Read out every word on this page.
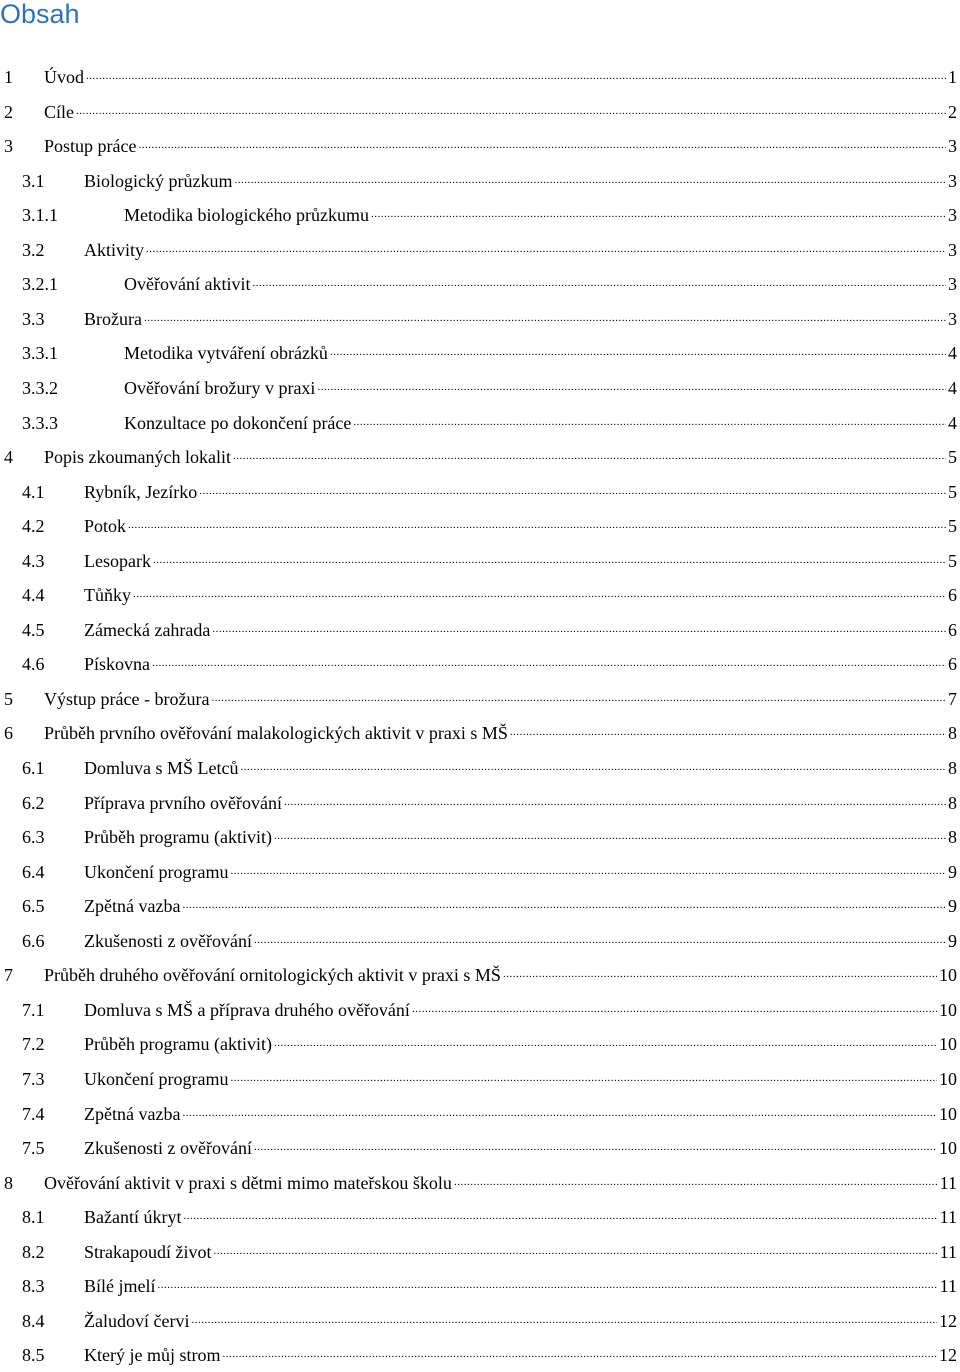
Obsah
1	Úvod .....	1
2	Cíle .....	2
3	Postup práce .....	3
3.1	Biologický průzkum .....	3
3.1.1	Metodika biologického průzkumu .....	3
3.2	Aktivity .....	3
3.2.1	Ověřování aktivit .....	3
3.3	Brožura .....	3
3.3.1	Metodika vytváření obrázků .....	4
3.3.2	Ověřování brožury v praxi .....	4
3.3.3	Konzultace po dokončení práce .....	4
4	Popis zkoumaných lokalit .....	5
4.1	Rybník, Jezírko .....	5
4.2	Potok .....	5
4.3	Lesopark .....	5
4.4	Tůňky .....	6
4.5	Zámecká zahrada .....	6
4.6	Pískovna .....	6
5	Výstup práce - brožura .....	7
6	Průběh prvního ověřování malakologických aktivit v praxi s MŠ .....	8
6.1	Domluva s MŠ Letců .....	8
6.2	Příprava prvního ověřování .....	8
6.3	Průběh programu (aktivit) .....	8
6.4	Ukončení programu .....	9
6.5	Zpětná vazba .....	9
6.6	Zkušenosti z ověřování .....	9
7	Průběh druhého ověřování ornitologických aktivit v praxi s MŠ .....	10
7.1	Domluva s MŠ a příprava druhého ověřování .....	10
7.2	Průběh programu (aktivit) .....	10
7.3	Ukončení programu .....	10
7.4	Zpětná vazba .....	10
7.5	Zkušenosti z ověřování .....	10
8	Ověřování aktivit v praxi s dětmi mimo mateřskou školu .....	11
8.1	Bažantí úkryt .....	11
8.2	Strakapoudí život .....	11
8.3	Bílé jmelí .....	11
8.4	Žaludoví červi .....	12
8.5	Který je můj strom .....	12
